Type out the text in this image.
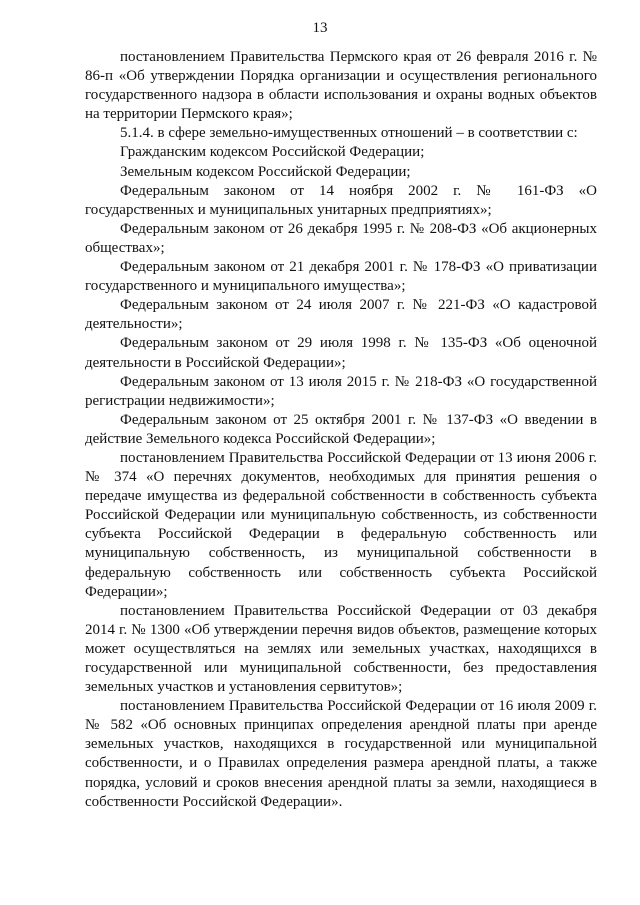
13

постановлением Правительства Пермского края от 26 февраля 2016 г. № 86-п «Об утверждении Порядка организации и осуществления регионального государственного надзора в области использования и охраны водных объектов на территории Пермского края»;

5.1.4. в сфере земельно-имущественных отношений – в соответствии с:

Гражданским кодексом Российской Федерации;

Земельным кодексом Российской Федерации;

Федеральным законом от 14 ноября 2002 г. № 161-ФЗ «О государственных и муниципальных унитарных предприятиях»;

Федеральным законом от 26 декабря 1995 г. № 208-ФЗ «Об акционерных обществах»;

Федеральным законом от 21 декабря 2001 г. № 178-ФЗ «О приватизации государственного и муниципального имущества»;

Федеральным законом от 24 июля 2007 г. № 221-ФЗ «О кадастровой деятельности»;

Федеральным законом от 29 июля 1998 г. № 135-ФЗ «Об оценочной деятельности в Российской Федерации»;

Федеральным законом от 13 июля 2015 г. № 218-ФЗ «О государственной регистрации недвижимости»;

Федеральным законом от 25 октября 2001 г. № 137-ФЗ «О введении в действие Земельного кодекса Российской Федерации»;

постановлением Правительства Российской Федерации от 13 июня 2006 г. № 374 «О перечнях документов, необходимых для принятия решения о передаче имущества из федеральной собственности в собственность субъекта Российской Федерации или муниципальную собственность, из собственности субъекта Российской Федерации в федеральную собственность или муниципальную собственность, из муниципальной собственности в федеральную собственность или собственность субъекта Российской Федерации»;

постановлением Правительства Российской Федерации от 03 декабря 2014 г. № 1300 «Об утверждении перечня видов объектов, размещение которых может осуществляться на землях или земельных участках, находящихся в государственной или муниципальной собственности, без предоставления земельных участков и установления сервитутов»;

постановлением Правительства Российской Федерации от 16 июля 2009 г. № 582 «Об основных принципах определения арендной платы при аренде земельных участков, находящихся в государственной или муниципальной собственности, и о Правилах определения размера арендной платы, а также порядка, условий и сроков внесения арендной платы за земли, находящиеся в собственности Российской Федерации».
